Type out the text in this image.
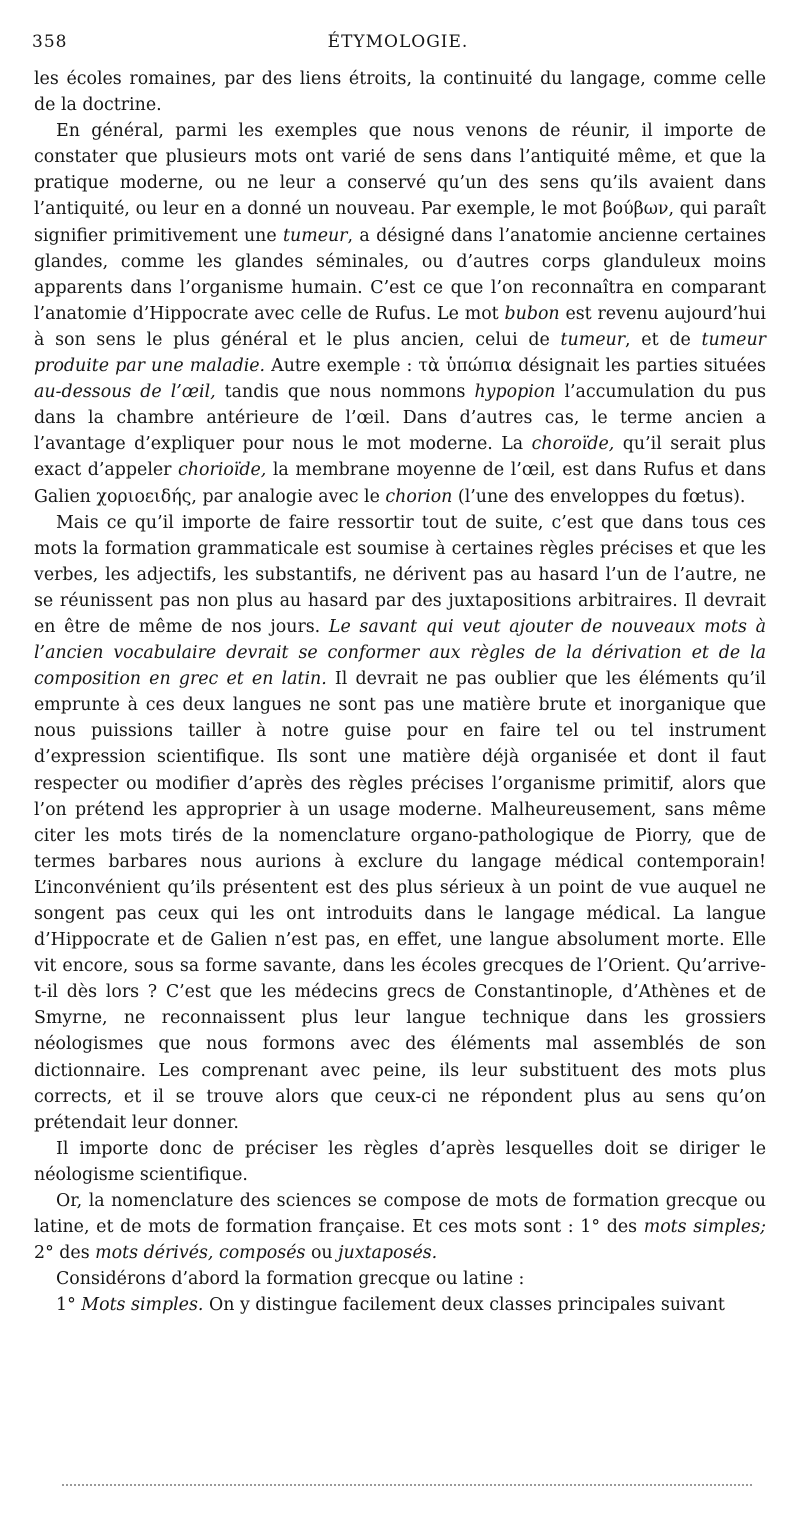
358	ÉTYMOLOGIE.

les écoles romaines, par des liens étroits, la continuité du langage, comme celle de la doctrine.

En général, parmi les exemples que nous venons de réunir, il importe de constater que plusieurs mots ont varié de sens dans l’antiquité même, et que la pratique moderne, ou ne leur a conservé qu’un des sens qu’ils avaient dans l’antiquité, ou leur en a donné un nouveau. Par exemple, le mot βούβων, qui paraît signifier primitivement une tumeur, a désigné dans l’anatomie ancienne certaines glandes, comme les glandes séminales, ou d’autres corps glanduleux moins apparents dans l’organisme humain. C’est ce que l’on reconnaîtra en comparant l’anatomie d’Hippocrate avec celle de Rufus. Le mot bubon est revenu aujourd’hui à son sens le plus général et le plus ancien, celui de tumeur, et de tumeur produite par une maladie. Autre exemple : τὰ ὑπώπια désignait les parties situées au-dessous de l’œil, tandis que nous nommons hypopion l’accumulation du pus dans la chambre antérieure de l’œil. Dans d’autres cas, le terme ancien a l’avantage d’expliquer pour nous le mot moderne. La choroïde, qu’il serait plus exact d’appeler chorioïde, la membrane moyenne de l’œil, est dans Rufus et dans Galien χοριοειδής, par analogie avec le chorion (l’une des enveloppes du fœtus).

Mais ce qu’il importe de faire ressortir tout de suite, c’est que dans tous ces mots la formation grammaticale est soumise à certaines règles précises et que les verbes, les adjectifs, les substantifs, ne dérivent pas au hasard l’un de l’autre, ne se réunissent pas non plus au hasard par des juxtapositions arbitraires. Il devrait en être de même de nos jours. Le savant qui veut ajouter de nouveaux mots à l’ancien vocabulaire devrait se conformer aux règles de la dérivation et de la composition en grec et en latin. Il devrait ne pas oublier que les éléments qu’il emprunte à ces deux langues ne sont pas une matière brute et inorganique que nous puissions tailler à notre guise pour en faire tel ou tel instrument d’expression scientifique. Ils sont une matière déjà organisée et dont il faut respecter ou modifier d’après des règles précises l’organisme primitif, alors que l’on prétend les approprier à un usage moderne. Malheureusement, sans même citer les mots tirés de la nomenclature organo-pathologique de Piorry, que de termes barbares nous aurions à exclure du langage médical contemporain! L’inconvénient qu’ils présentent est des plus sérieux à un point de vue auquel ne songent pas ceux qui les ont introduits dans le langage médical. La langue d’Hippocrate et de Galien n’est pas, en effet, une langue absolument morte. Elle vit encore, sous sa forme savante, dans les écoles grecques de l’Orient. Qu’arrive-t-il dès lors ? C’est que les médecins grecs de Constantinople, d’Athènes et de Smyrne, ne reconnaissent plus leur langue technique dans les grossiers néologismes que nous formons avec des éléments mal assemblés de son dictionnaire. Les comprenant avec peine, ils leur substituent des mots plus corrects, et il se trouve alors que ceux-ci ne répondent plus au sens qu’on prétendait leur donner.

Il importe donc de préciser les règles d’après lesquelles doit se diriger le néologisme scientifique.

Or, la nomenclature des sciences se compose de mots de formation grecque ou latine, et de mots de formation française. Et ces mots sont : 1° des mots simples; 2° des mots dérivés, composés ou juxtaposés.

Considérons d’abord la formation grecque ou latine :

1° Mots simples. On y distingue facilement deux classes principales suivant
